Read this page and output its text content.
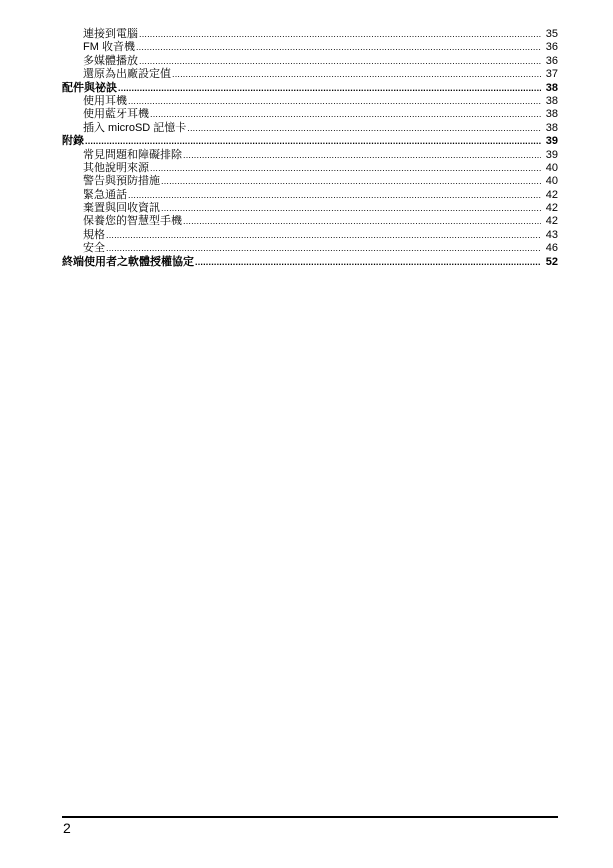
連接到電腦 .....	35
FM 收音機 .....	36
多媒體播放 .....	36
還原為出廠設定值 .....	37
配件與祕訣 .....	38
使用耳機 .....	38
使用藍牙耳機 .....	38
插入 microSD 記憶卡 .....	38
附錄 .....	39
常見問題和障礙排除 .....	39
其他說明來源 .....	40
警告與預防措施 .....	40
緊急通話 .....	42
棄置與回收資訊 .....	42
保養您的智慧型手機 .....	42
規格 .....	43
安全 .....	46
終端使用者之軟體授權協定 .....	52
2
